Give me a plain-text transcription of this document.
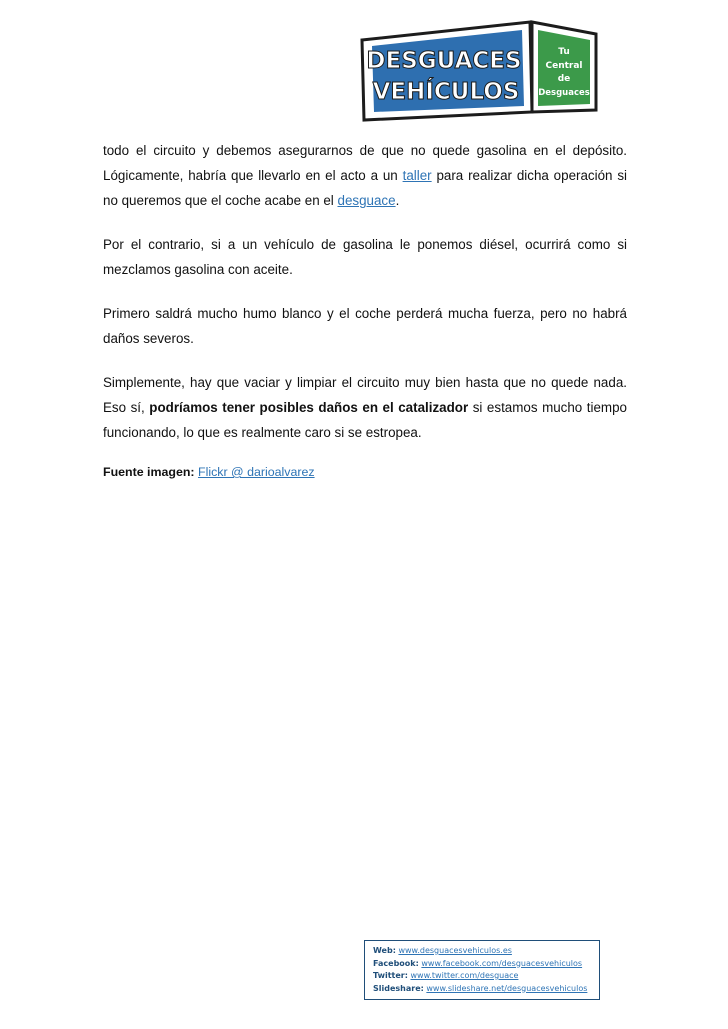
DESGUACES
VEHÍCULOS
Tu
Central
de
Desguaces

todo el circuito y debemos asegurarnos de que no quede gasolina en el depósito. Lógicamente, habría que llevarlo en el acto a un taller para realizar dicha operación si no queremos que el coche acabe en el desguace.

Por el contrario, si a un vehículo de gasolina le ponemos diésel, ocurrirá como si mezclamos gasolina con aceite.

Primero saldrá mucho humo blanco y el coche perderá mucha fuerza, pero no habrá daños severos.

Simplemente, hay que vaciar y limpiar el circuito muy bien hasta que no quede nada. Eso sí, podríamos tener posibles daños en el catalizador si estamos mucho tiempo funcionando, lo que es realmente caro si se estropea.

Fuente imagen: Flickr @ darioalvarez
Web: www.desguacesvehiculos.es
Facebook: www.facebook.com/desguacesvehiculos
Twitter: www.twitter.com/desguace
Slideshare: www.slideshare.net/desguacesvehiculos
